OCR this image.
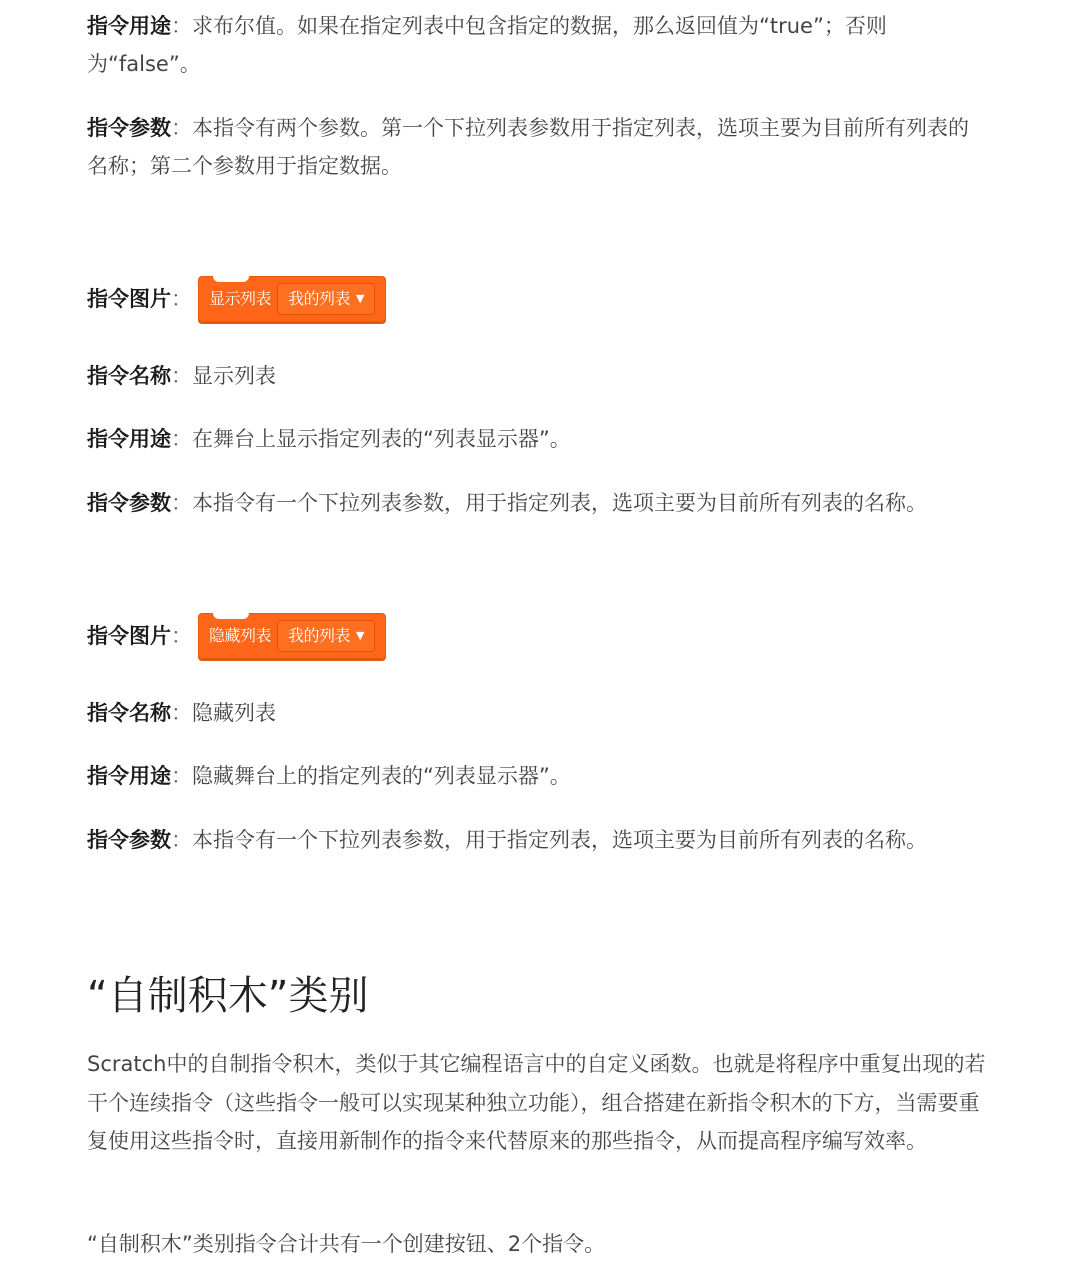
指令用途：求布尔值。如果在指定列表中包含指定的数据，那么返回值为“true”；否则为“false”。

指令参数：本指令有两个参数。第一个下拉列表参数用于指定列表，选项主要为目前所有列表的名称；第二个参数用于指定数据。

指令图片 ： 显示列表 我的列表 ▼

指令名称：显示列表

指令用途：在舞台上显示指定列表的“列表显示器”。

指令参数：本指令有一个下拉列表参数，用于指定列表，选项主要为目前所有列表的名称。

指令图片 ： 隐藏列表 我的列表 ▼

指令名称：隐藏列表

指令用途：隐藏舞台上的指定列表的“列表显示器”。

指令参数：本指令有一个下拉列表参数，用于指定列表，选项主要为目前所有列表的名称。

“自制积木”类别

Scratch中的自制指令积木，类似于其它编程语言中的自定义函数。也就是将程序中重复出现的若干个连续指令（这些指令一般可以实现某种独立功能），组合搭建在新指令积木的下方，当需要重复使用这些指令时，直接用新制作的指令来代替原来的那些指令，从而提高程序编写效率。

“自制积木”类别指令合计共有一个创建按钮、2个指令。
